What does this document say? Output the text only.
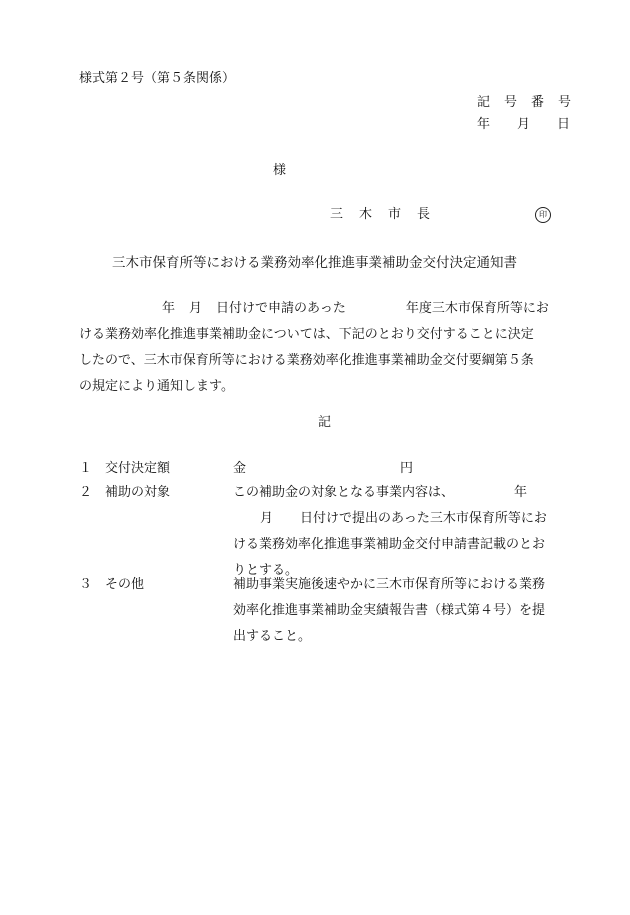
様式第２号（第５条関係）
記 号 番 号
年 月 日
様
三 木 市 長	印
三木市保育所等における業務効率化推進事業補助金交付決定通知書
年 月 日付けで申請のあった	年度三木市保育所等にお
ける業務効率化推進事業補助金については、下記のとおり交付することに決定
したので、三木市保育所等における業務効率化推進事業補助金交付要綱第５条
の規定により通知します。
記
１ 交付決定額	金	円
２ 補助の対象	この補助金の対象となる事業内容は、	年
月 日付けで提出のあった三木市保育所等にお
ける業務効率化推進事業補助金交付申請書記載のとお
りとする。
３ その他	補助事業実施後速やかに三木市保育所等における業務
効率化推進事業補助金実績報告書（様式第４号）を提
出すること。
